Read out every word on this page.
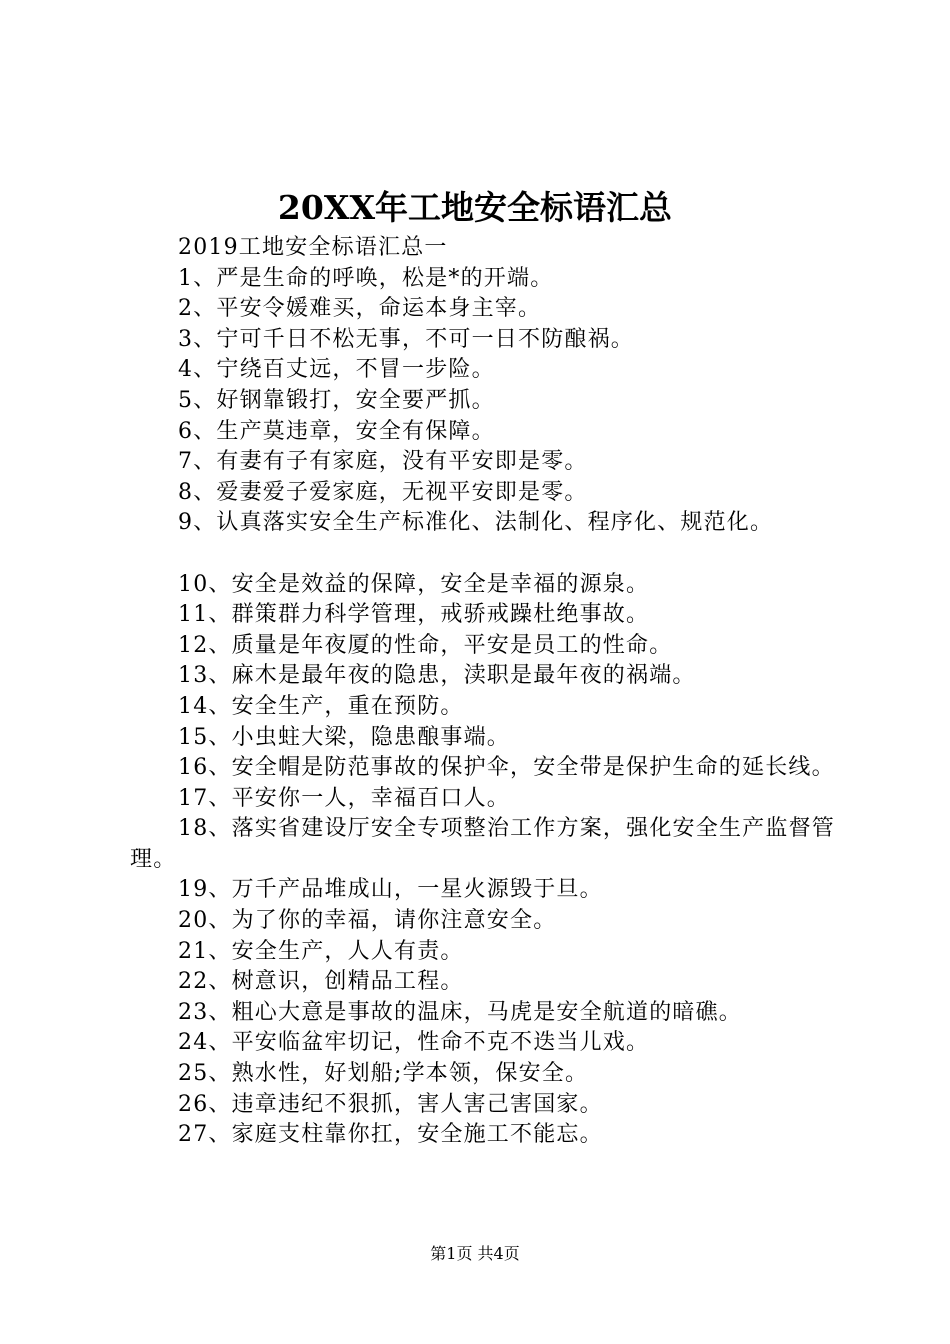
20XX年工地安全标语汇总
2019工地安全标语汇总一
1、严是生命的呼唤，松是*的开端。
2、平安令媛难买，命运本身主宰。
3、宁可千日不松无事，不可一日不防酿祸。
4、宁绕百丈远，不冒一步险。
5、好钢靠锻打，安全要严抓。
6、生产莫违章，安全有保障。
7、有妻有子有家庭，没有平安即是零。
8、爱妻爱子爱家庭，无视平安即是零。
9、认真落实安全生产标准化、法制化、程序化、规范化。
10、安全是效益的保障，安全是幸福的源泉。
11、群策群力科学管理，戒骄戒躁杜绝事故。
12、质量是年夜厦的性命，平安是员工的性命。
13、麻木是最年夜的隐患，渎职是最年夜的祸端。
14、安全生产，重在预防。
15、小虫蛀大梁，隐患酿事端。
16、安全帽是防范事故的保护伞，安全带是保护生命的延长线。
17、平安你一人，幸福百口人。
18、落实省建设厅安全专项整治工作方案，强化安全生产监督管理。
19、万千产品堆成山，一星火源毁于旦。
20、为了你的幸福，请你注意安全。
21、安全生产，人人有责。
22、树意识，创精品工程。
23、粗心大意是事故的温床，马虎是安全航道的暗礁。
24、平安临盆牢切记，性命不克不迭当儿戏。
25、熟水性，好划船;学本领，保安全。
26、违章违纪不狠抓，害人害己害国家。
27、家庭支柱靠你扛，安全施工不能忘。
第1页 共4页
